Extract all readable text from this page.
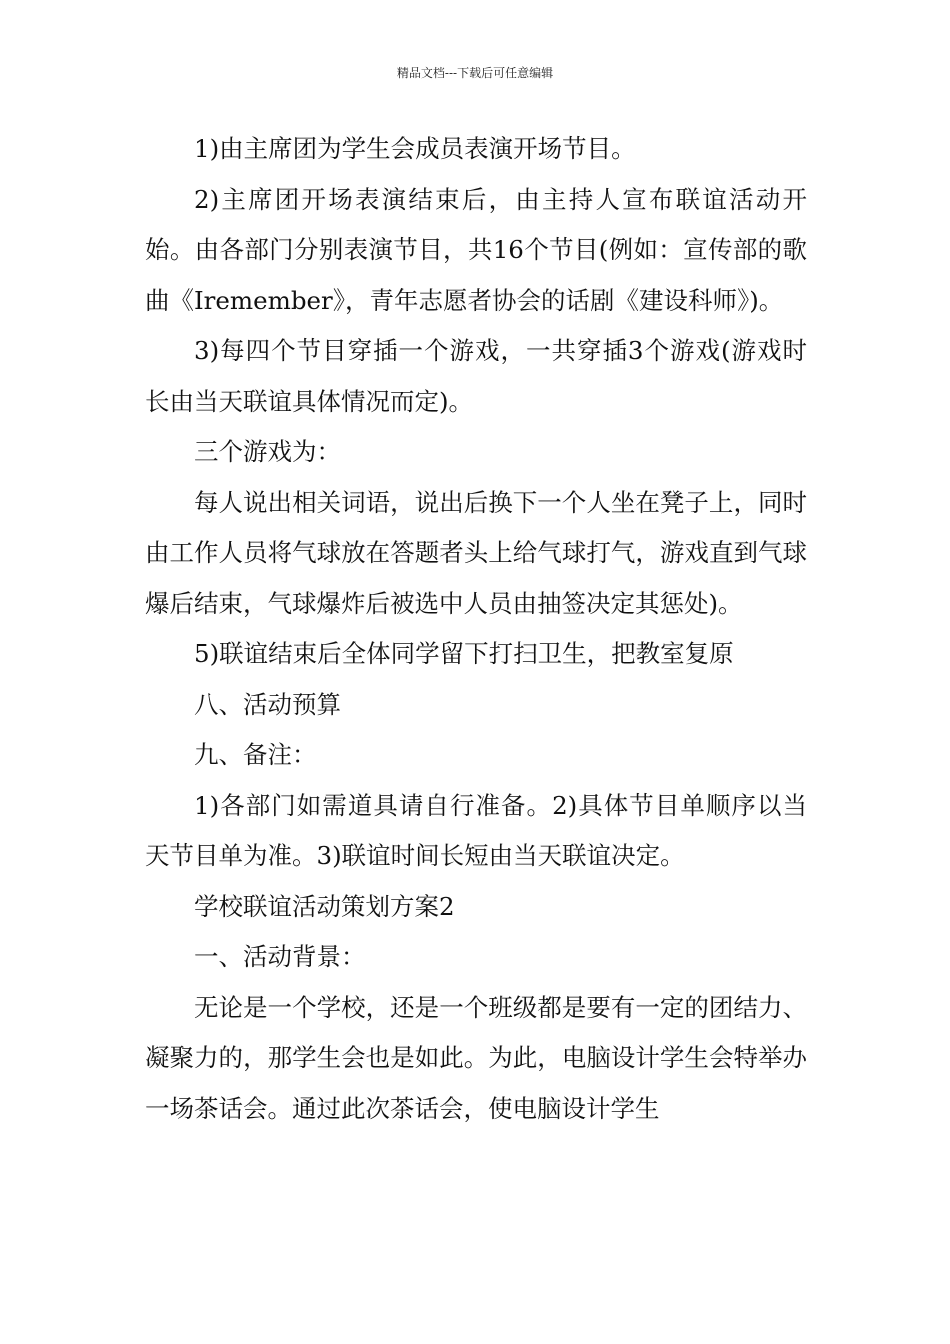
精品文档---下载后可任意编辑

1)由主席团为学生会成员表演开场节目。

2)主席团开场表演结束后，由主持人宣布联谊活动开始。由各部门分别表演节目，共16个节目(例如：宣传部的歌曲《Iremember》，青年志愿者协会的话剧《建设科师》)。

3)每四个节目穿插一个游戏，一共穿插3个游戏(游戏时长由当天联谊具体情况而定)。

三个游戏为：

每人说出相关词语，说出后换下一个人坐在凳子上，同时由工作人员将气球放在答题者头上给气球打气，游戏直到气球爆后结束，气球爆炸后被选中人员由抽签决定其惩处)。

5)联谊结束后全体同学留下打扫卫生，把教室复原

八、活动预算

九、备注：

1)各部门如需道具请自行准备。2)具体节目单顺序以当天节目单为准。3)联谊时间长短由当天联谊决定。

学校联谊活动策划方案2

一、活动背景：

无论是一个学校，还是一个班级都是要有一定的团结力、凝聚力的，那学生会也是如此。为此，电脑设计学生会特举办一场茶话会。通过此次茶话会，使电脑设计学生
